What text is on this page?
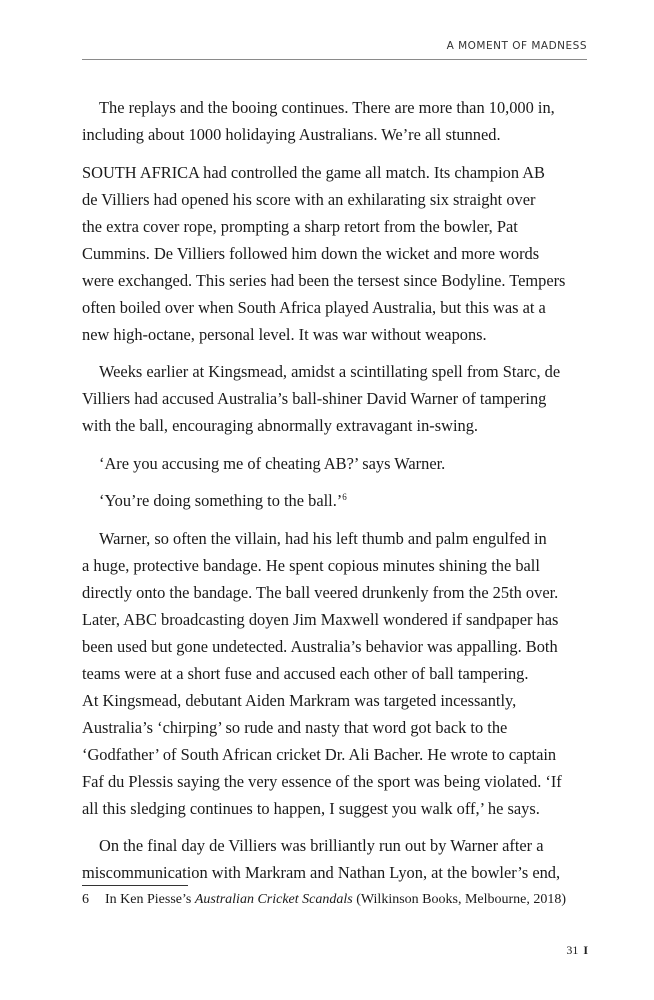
A MOMENT OF MADNESS

The replays and the booing continues. There are more than 10,000 in,
including about 1000 holidaying Australians. We’re all stunned.

SOUTH AFRICA had controlled the game all match. Its champion AB
de Villiers had opened his score with an exhilarating six straight over
the extra cover rope, prompting a sharp retort from the bowler, Pat
Cummins. De Villiers followed him down the wicket and more words
were exchanged. This series had been the tersest since Bodyline. Tempers
often boiled over when South Africa played Australia, but this was at a
new high-octane, personal level. It was war without weapons.

Weeks earlier at Kingsmead, amidst a scintillating spell from Starc, de
Villiers had accused Australia’s ball-shiner David Warner of tampering
with the ball, encouraging abnormally extravagant in-swing.

‘Are you accusing me of cheating AB?’ says Warner.

‘You’re doing something to the ball.’$^6$

Warner, so often the villain, had his left thumb and palm engulfed in
a huge, protective bandage. He spent copious minutes shining the ball
directly onto the bandage. The ball veered drunkenly from the 25th over.
Later, ABC broadcasting doyen Jim Maxwell wondered if sandpaper has
been used but gone undetected. Australia’s behavior was appalling. Both
teams were at a short fuse and accused each other of ball tampering.

At Kingsmead, debutant Aiden Markram was targeted incessantly,
Australia’s ‘chirping’ so rude and nasty that word got back to the
‘Godfather’ of South African cricket Dr. Ali Bacher. He wrote to captain
Faf du Plessis saying the very essence of the sport was being violated. ‘If
all this sledging continues to happen, I suggest you walk off,’ he says.

On the final day de Villiers was brilliantly run out by Warner after a
miscommunication with Markram and Nathan Lyon, at the bowler’s end,

6 In Ken Piesse’s Australian Cricket Scandals (Wilkinson Books, Melbourne, 2018)
31 I
